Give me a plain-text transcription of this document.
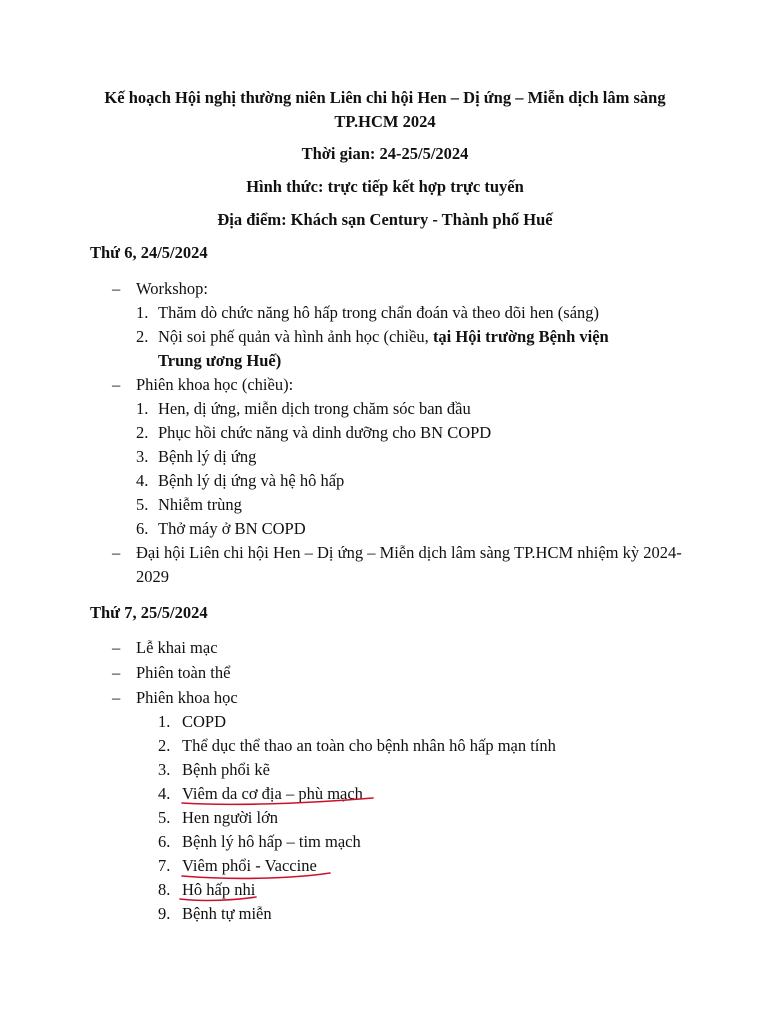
Kế hoạch Hội nghị thường niên Liên chi hội Hen – Dị ứng – Miễn dịch lâm sàng TP.HCM 2024
Thời gian: 24-25/5/2024
Hình thức: trực tiếp kết hợp trực tuyến
Địa điểm: Khách sạn Century - Thành phố Huế
Thứ 6, 24/5/2024
– Workshop:
1. Thăm dò chức năng hô hấp trong chẩn đoán và theo dõi hen (sáng)
2. Nội soi phế quản và hình ảnh học (chiều, tại Hội trường Bệnh viện Trung ương Huế)
– Phiên khoa học (chiều):
1. Hen, dị ứng, miễn dịch trong chăm sóc ban đầu
2. Phục hồi chức năng và dinh dưỡng cho BN COPD
3. Bệnh lý dị ứng
4. Bệnh lý dị ứng và hệ hô hấp
5. Nhiễm trùng
6. Thở máy ở BN COPD
– Đại hội Liên chi hội Hen – Dị ứng – Miễn dịch lâm sàng TP.HCM nhiệm kỳ 2024-2029
Thứ 7, 25/5/2024
– Lễ khai mạc
– Phiên toàn thể
– Phiên khoa học
1. COPD
2. Thể dục thể thao an toàn cho bệnh nhân hô hấp mạn tính
3. Bệnh phổi kẽ
4. Viêm da cơ địa – phù mạch
5. Hen người lớn
6. Bệnh lý hô hấp – tim mạch
7. Viêm phổi - Vaccine
8. Hô hấp nhi
9. Bệnh tự miễn
